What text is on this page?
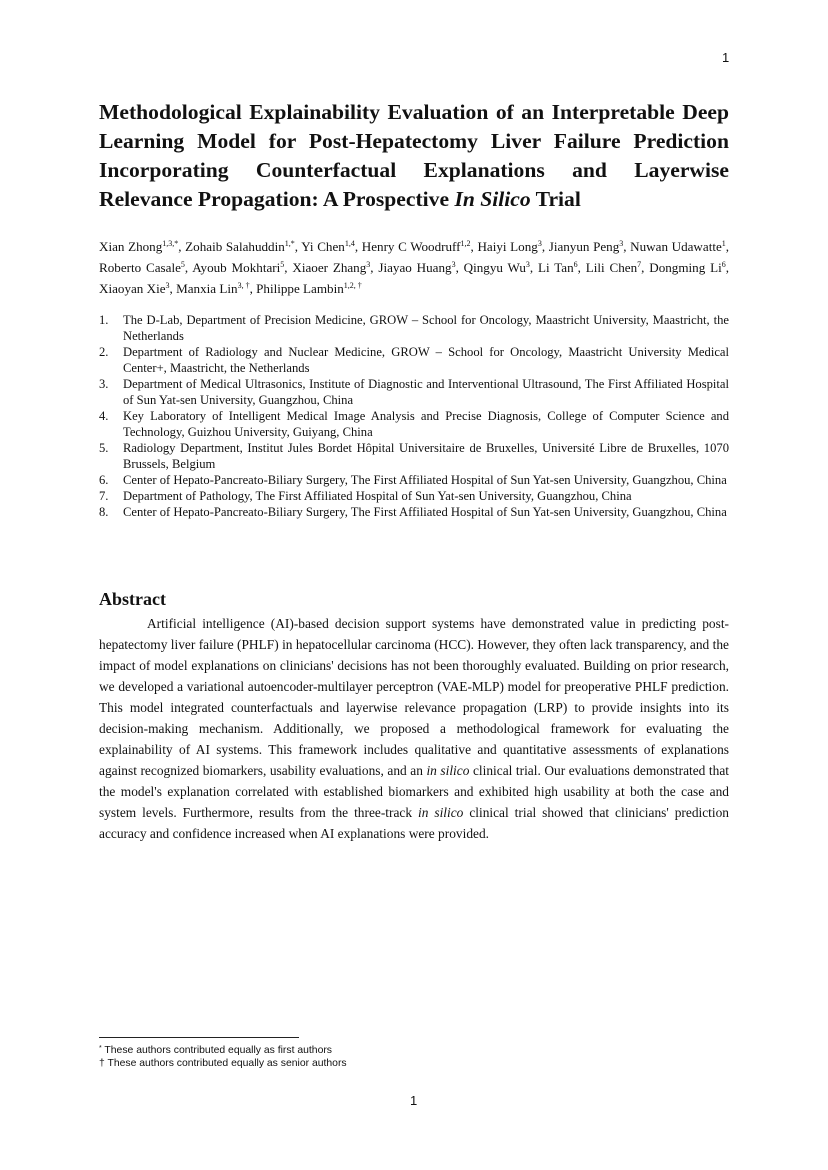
1
Methodological Explainability Evaluation of an Interpretable Deep Learning Model for Post-Hepatectomy Liver Failure Prediction Incorporating Counterfactual Explanations and Layerwise Relevance Propagation: A Prospective In Silico Trial

Xian Zhong$^{1,3,*}$, Zohaib Salahuddin$^{1,*}$, Yi Chen$^{1,4}$, Henry C Woodruff$^{1,2}$, Haiyi Long$^3$, Jianyun Peng$^3$, Nuwan Udawatte$^1$, Roberto Casale$^5$, Ayoub Mokhtari$^5$, Xiaoer Zhang$^3$, Jiayao Huang$^3$, Qingyu Wu$^3$, Li Tan$^6$, Lili Chen$^7$, Dongming Li$^6$, Xiaoyan Xie$^3$, Manxia Lin$^{3, \dagger}$, Philippe Lambin$^{1,2, \dagger}$

1. The D-Lab, Department of Precision Medicine, GROW – School for Oncology, Maastricht University, Maastricht, the Netherlands
2. Department of Radiology and Nuclear Medicine, GROW – School for Oncology, Maastricht University Medical Center+, Maastricht, the Netherlands
3. Department of Medical Ultrasonics, Institute of Diagnostic and Interventional Ultrasound, The First Affiliated Hospital of Sun Yat-sen University, Guangzhou, China
4. Key Laboratory of Intelligent Medical Image Analysis and Precise Diagnosis, College of Computer Science and Technology, Guizhou University, Guiyang, China
5. Radiology Department, Institut Jules Bordet Hôpital Universitaire de Bruxelles, Université Libre de Bruxelles, 1070 Brussels, Belgium
6. Center of Hepato-Pancreato-Biliary Surgery, The First Affiliated Hospital of Sun Yat-sen University, Guangzhou, China
7. Department of Pathology, The First Affiliated Hospital of Sun Yat-sen University, Guangzhou, China
8. Center of Hepato-Pancreato-Biliary Surgery, The First Affiliated Hospital of Sun Yat-sen University, Guangzhou, China
Abstract

Artificial intelligence (AI)-based decision support systems have demonstrated value in predicting post-hepatectomy liver failure (PHLF) in hepatocellular carcinoma (HCC). However, they often lack transparency, and the impact of model explanations on clinicians' decisions has not been thoroughly evaluated. Building on prior research, we developed a variational autoencoder-multilayer perceptron (VAE-MLP) model for preoperative PHLF prediction. This model integrated counterfactuals and layerwise relevance propagation (LRP) to provide insights into its decision-making mechanism. Additionally, we proposed a methodological framework for evaluating the explainability of AI systems. This framework includes qualitative and quantitative assessments of explanations against recognized biomarkers, usability evaluations, and an in silico clinical trial. Our evaluations demonstrated that the model's explanation correlated with established biomarkers and exhibited high usability at both the case and system levels. Furthermore, results from the three-track in silico clinical trial showed that clinicians' prediction accuracy and confidence increased when AI explanations were provided.

* These authors contributed equally as first authors
† These authors contributed equally as senior authors
1
